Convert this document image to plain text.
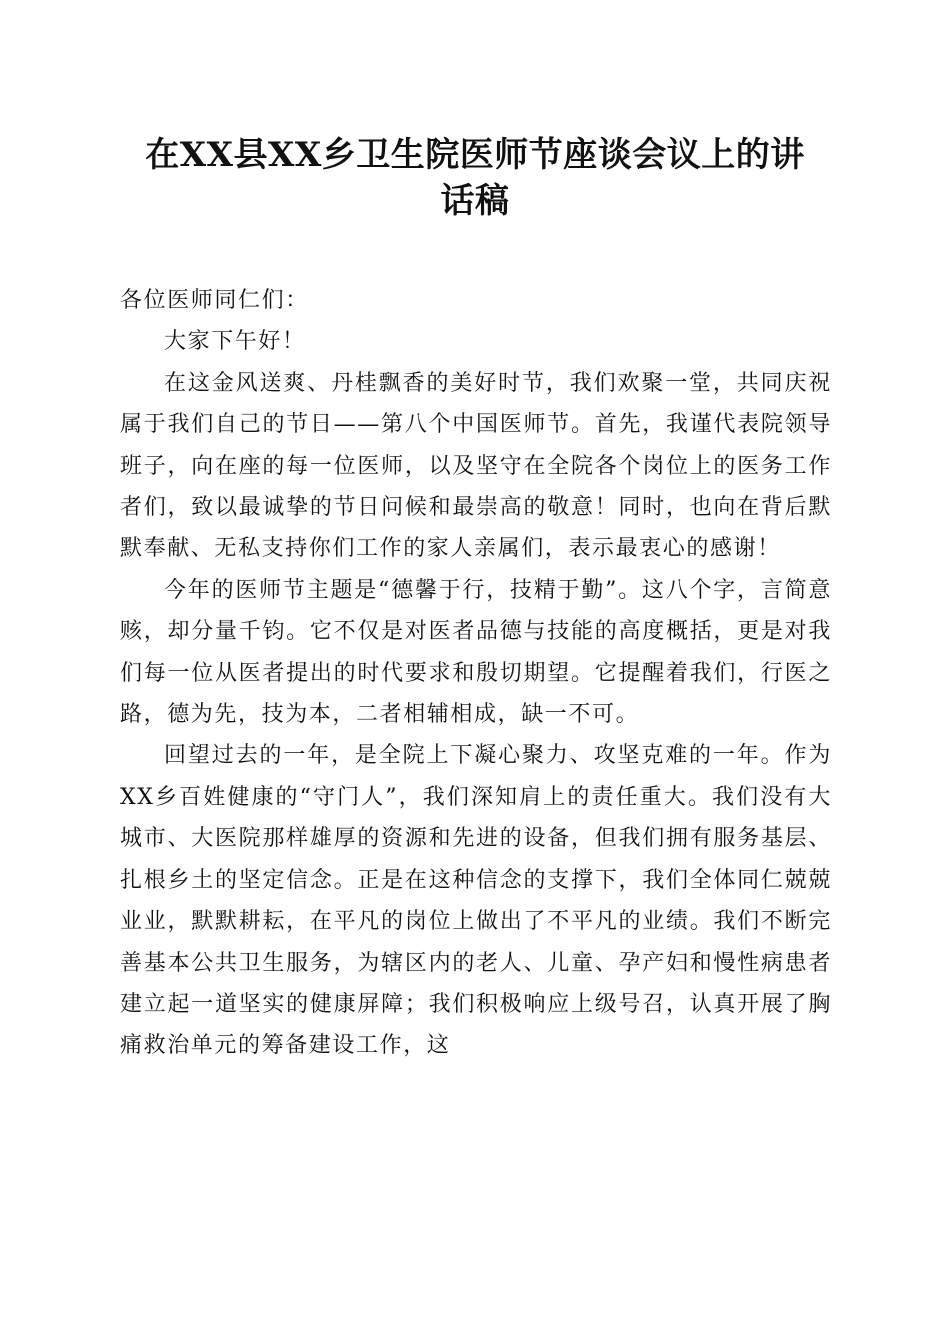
在XX县XX乡卫生院医师节座谈会议上的讲
话稿

各位医师同仁们：

大家下午好！

在这金风送爽、丹桂飘香的美好时节，我们欢聚一堂，共同庆祝属于我们自己的节日——第八个中国医师节。首先，我谨代表院领导班子，向在座的每一位医师，以及坚守在全院各个岗位上的医务工作者们，致以最诚挚的节日问候和最崇高的敬意！同时，也向在背后默默奉献、无私支持你们工作的家人亲属们，表示最衷心的感谢！

今年的医师节主题是“德馨于行，技精于勤”。这八个字，言简意赅，却分量千钧。它不仅是对医者品德与技能的高度概括，更是对我们每一位从医者提出的时代要求和殷切期望。它提醒着我们，行医之路，德为先，技为本，二者相辅相成，缺一不可。

回望过去的一年，是全院上下凝心聚力、攻坚克难的一年。作为XX乡百姓健康的“守门人”，我们深知肩上的责任重大。我们没有大城市、大医院那样雄厚的资源和先进的设备，但我们拥有服务基层、扎根乡土的坚定信念。正是在这种信念的支撑下，我们全体同仁兢兢业业，默默耕耘，在平凡的岗位上做出了不平凡的业绩。我们不断完善基本公共卫生服务，为辖区内的老人、儿童、孕产妇和慢性病患者建立起一道坚实的健康屏障；我们积极响应上级号召，认真开展了胸痛救治单元的筹备建设工作，这
